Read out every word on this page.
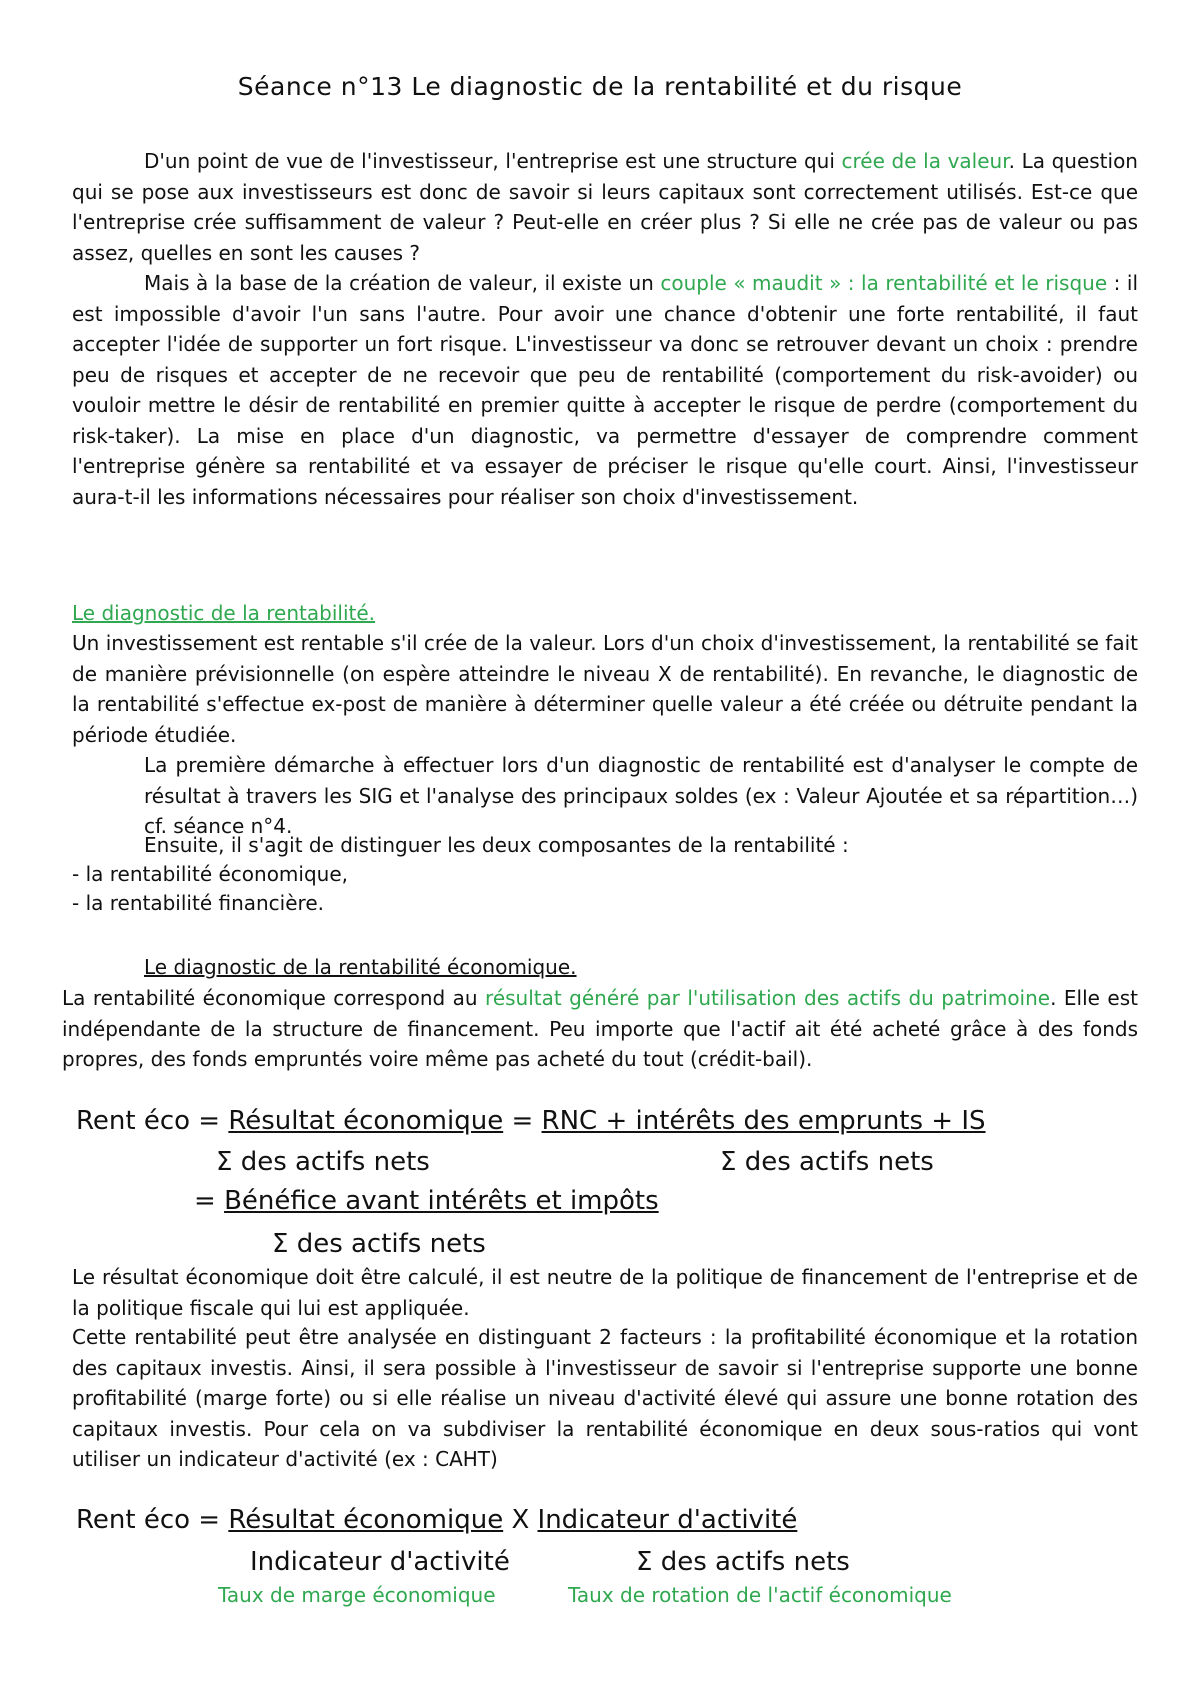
Séance n°13 Le diagnostic de la rentabilité et du risque

D'un point de vue de l'investisseur, l'entreprise est une structure qui crée de la valeur. La question qui se pose aux investisseurs est donc de savoir si leurs capitaux sont correctement utilisés. Est-ce que l'entreprise crée suffisamment de valeur ? Peut-elle en créer plus ? Si elle ne crée pas de valeur ou pas assez, quelles en sont les causes ?

Mais à la base de la création de valeur, il existe un couple « maudit » : la rentabilité et le risque : il est impossible d'avoir l'un sans l'autre. Pour avoir une chance d'obtenir une forte rentabilité, il faut accepter l'idée de supporter un fort risque. L'investisseur va donc se retrouver devant un choix : prendre peu de risques et accepter de ne recevoir que peu de rentabilité (comportement du risk-avoider) ou vouloir mettre le désir de rentabilité en premier quitte à accepter le risque de perdre (comportement du risk-taker). La mise en place d'un diagnostic, va permettre d'essayer de comprendre comment l'entreprise génère sa rentabilité et va essayer de préciser le risque qu'elle court. Ainsi, l'investisseur aura-t-il les informations nécessaires pour réaliser son choix d'investissement.

Le diagnostic de la rentabilité.

Un investissement est rentable s'il crée de la valeur. Lors d'un choix d'investissement, la rentabilité se fait de manière prévisionnelle (on espère atteindre le niveau X de rentabilité). En revanche, le diagnostic de la rentabilité s'effectue ex-post de manière à déterminer quelle valeur a été créée ou détruite pendant la période étudiée.

La première démarche à effectuer lors d'un diagnostic de rentabilité est d'analyser le compte de résultat à travers les SIG et l'analyse des principaux soldes (ex : Valeur Ajoutée et sa répartition…) cf. séance n°4.

Ensuite, il s'agit de distinguer les deux composantes de la rentabilité :
- la rentabilité économique,
- la rentabilité financière.
Le diagnostic de la rentabilité économique.

La rentabilité économique correspond au résultat généré par l'utilisation des actifs du patrimoine. Elle est indépendante de la structure de financement. Peu importe que l'actif ait été acheté grâce à des fonds propres, des fonds empruntés voire même pas acheté du tout (crédit-bail).

Rent éco = Résultat économique = RNC + intérêts des emprunts + IS
Σ des actifs nets	Σ des actifs nets
= Bénéfice avant intérêts et impôts
Σ des actifs nets

Le résultat économique doit être calculé, il est neutre de la politique de financement de l'entreprise et de la politique fiscale qui lui est appliquée.

Cette rentabilité peut être analysée en distinguant 2 facteurs : la profitabilité économique et la rotation des capitaux investis. Ainsi, il sera possible à l'investisseur de savoir si l'entreprise supporte une bonne profitabilité (marge forte) ou si elle réalise un niveau d'activité élevé qui assure une bonne rotation des capitaux investis. Pour cela on va subdiviser la rentabilité économique en deux sous-ratios qui vont utiliser un indicateur d'activité (ex : CAHT)

Rent éco = Résultat économique X Indicateur d'activité
Indicateur d'activité	Σ des actifs nets
Taux de marge économique	Taux de rotation de l'actif économique
